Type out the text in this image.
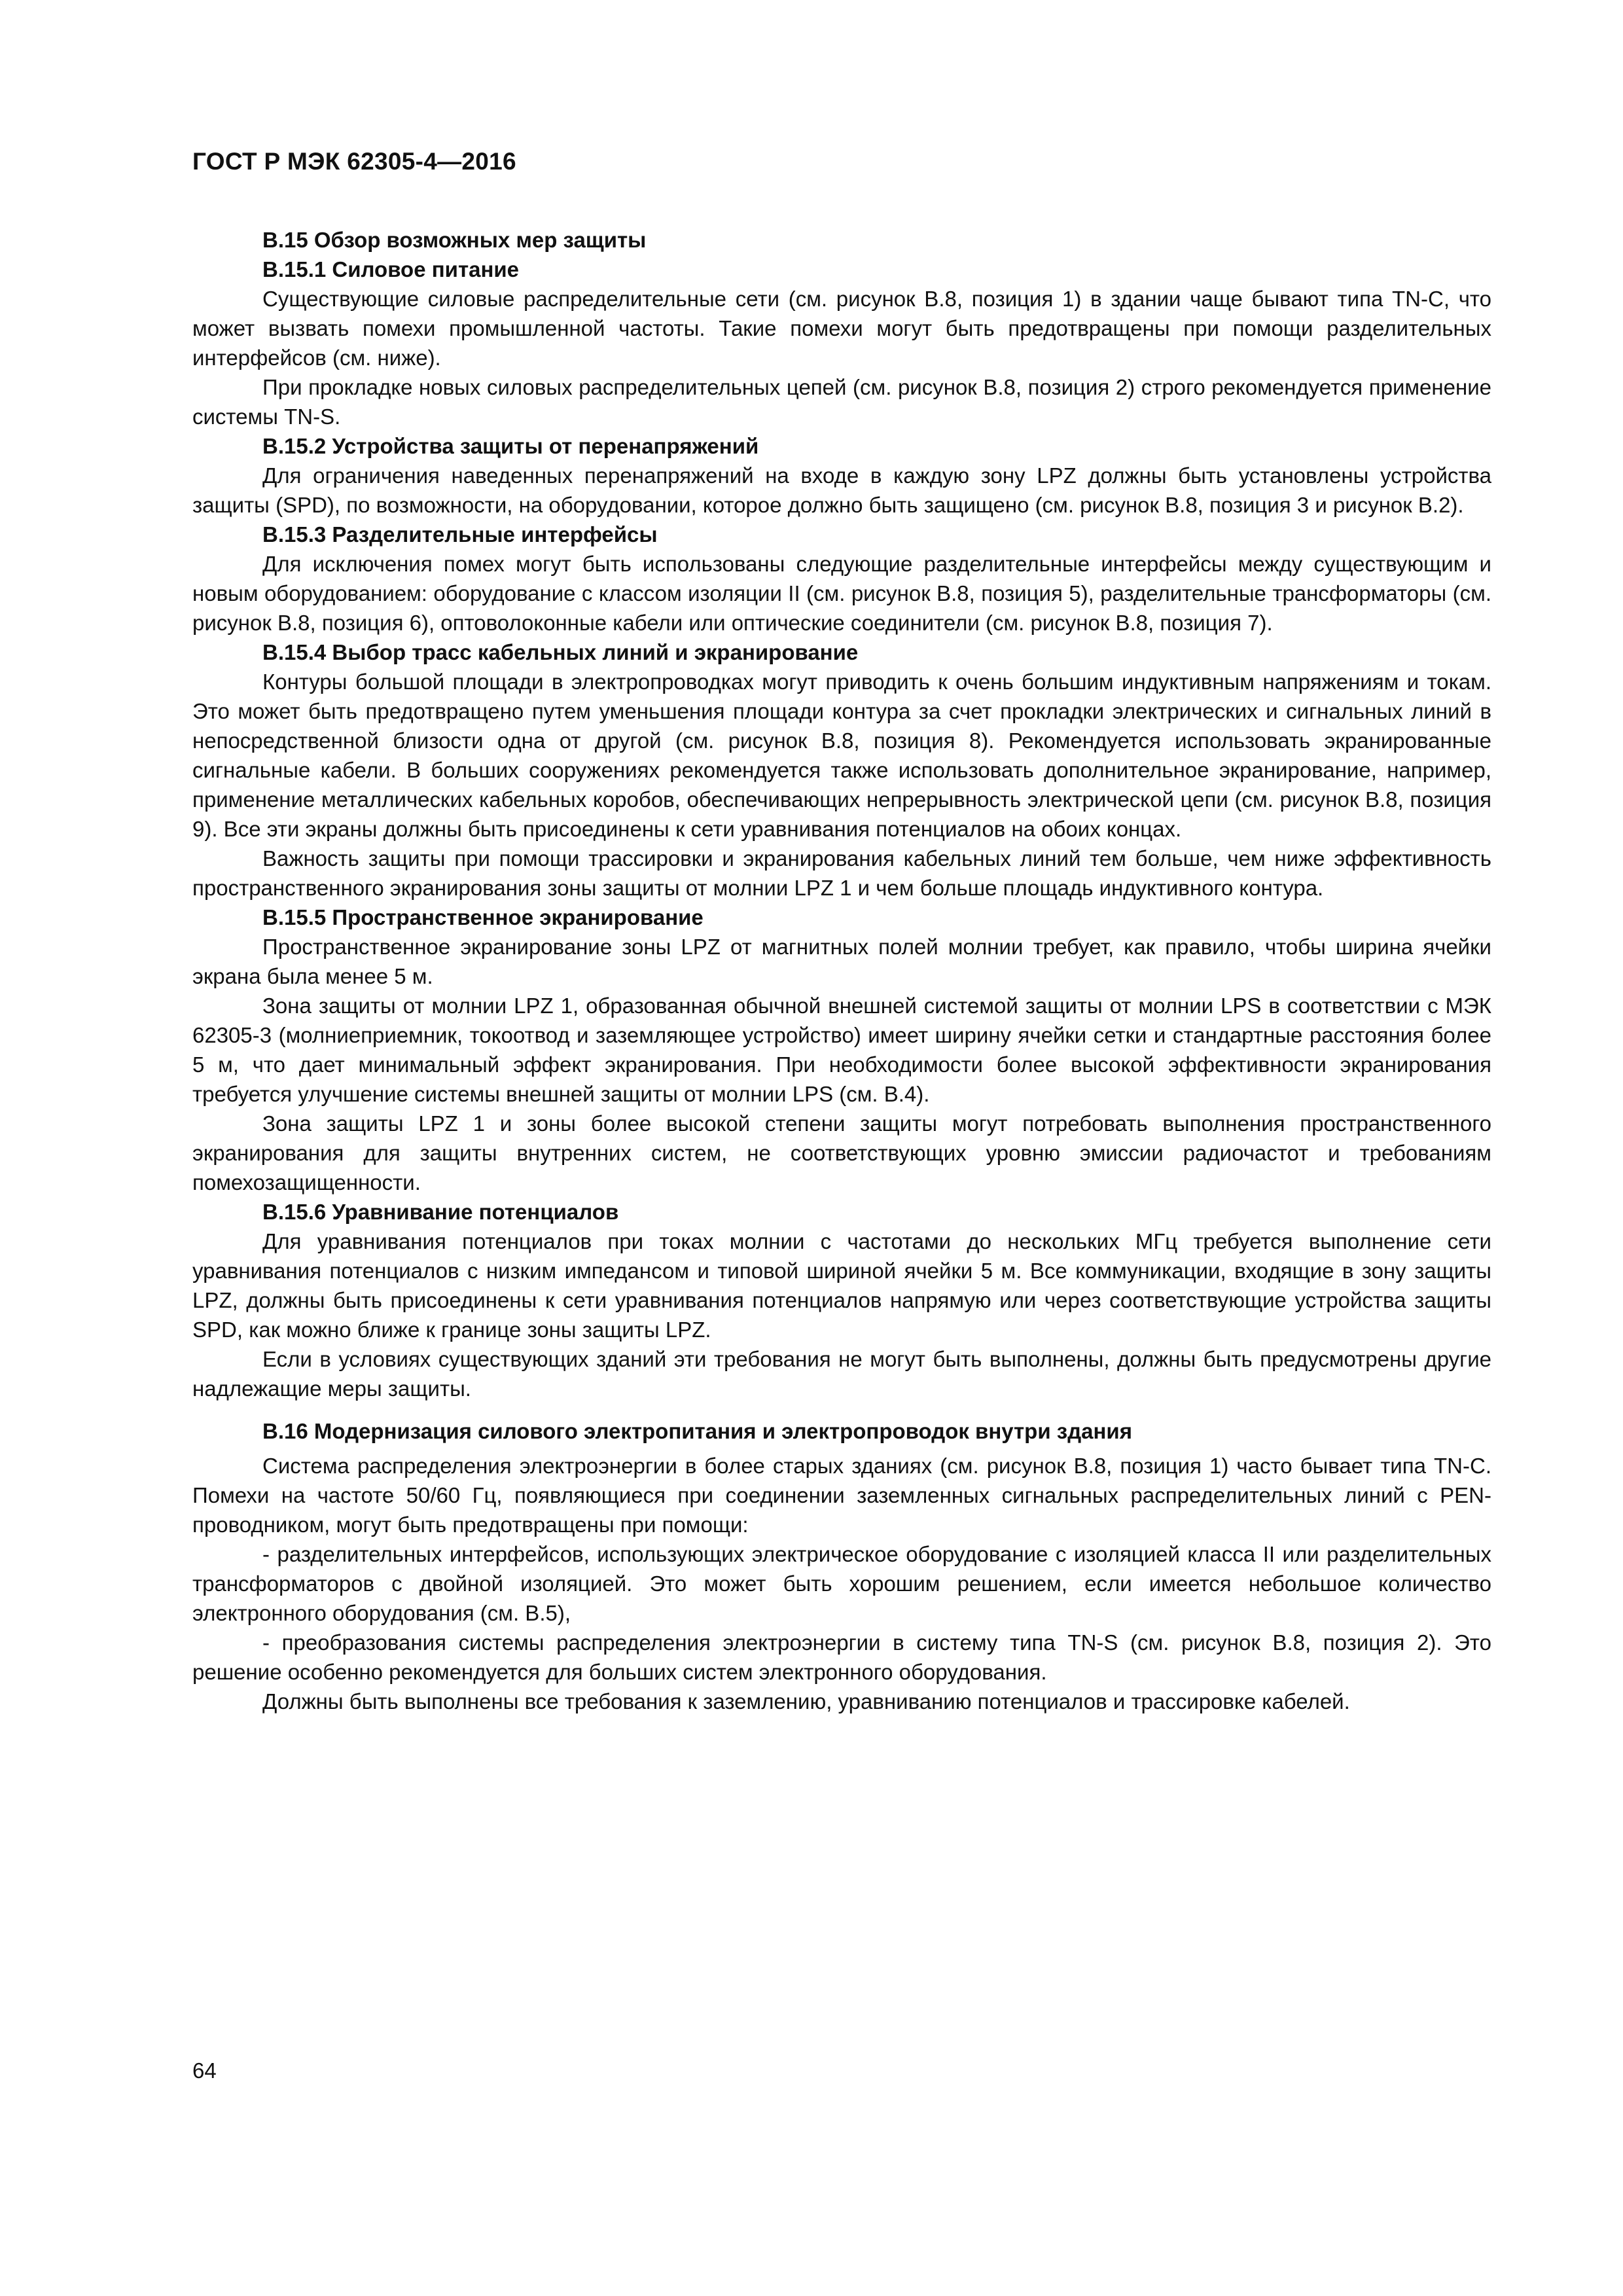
ГОСТ Р МЭК 62305-4—2016
B.15 Обзор возможных мер защиты
B.15.1 Силовое питание

Существующие силовые распределительные сети (см. рисунок B.8, позиция 1) в здании чаще бывают типа TN-C, что может вызвать помехи промышленной частоты. Такие помехи могут быть предотвращены при помощи разделительных интерфейсов (см. ниже).

При прокладке новых силовых распределительных цепей (см. рисунок B.8, позиция 2) строго рекомендуется применение системы TN-S.

B.15.2 Устройства защиты от перенапряжений

Для ограничения наведенных перенапряжений на входе в каждую зону LPZ должны быть установлены устройства защиты (SPD), по возможности, на оборудовании, которое должно быть защищено (см. рисунок B.8, позиция 3 и рисунок B.2).

B.15.3 Разделительные интерфейсы

Для исключения помех могут быть использованы следующие разделительные интерфейсы между существующим и новым оборудованием: оборудование с классом изоляции II (см. рисунок B.8, позиция 5), разделительные трансформаторы (см. рисунок B.8, позиция 6), оптоволоконные кабели или оптические соединители (см. рисунок B.8, позиция 7).

B.15.4 Выбор трасс кабельных линий и экранирование

Контуры большой площади в электропроводках могут приводить к очень большим индуктивным напряжениям и токам. Это может быть предотвращено путем уменьшения площади контура за счет прокладки электрических и сигнальных линий в непосредственной близости одна от другой (см. рисунок B.8, позиция 8). Рекомендуется использовать экранированные сигнальные кабели. В больших сооружениях рекомендуется также использовать дополнительное экранирование, например, применение металлических кабельных коробов, обеспечивающих непрерывность электрической цепи (см. рисунок B.8, позиция 9). Все эти экраны должны быть присоединены к сети уравнивания потенциалов на обоих концах.

Важность защиты при помощи трассировки и экранирования кабельных линий тем больше, чем ниже эффективность пространственного экранирования зоны защиты от молнии LPZ 1 и чем больше площадь индуктивного контура.

B.15.5 Пространственное экранирование

Пространственное экранирование зоны LPZ от магнитных полей молнии требует, как правило, чтобы ширина ячейки экрана была менее 5 м.

Зона защиты от молнии LPZ 1, образованная обычной внешней системой защиты от молнии LPS в соответствии с МЭК 62305-3 (молниеприемник, токоотвод и заземляющее устройство) имеет ширину ячейки сетки и стандартные расстояния более 5 м, что дает минимальный эффект экранирования. При необходимости более высокой эффективности экранирования требуется улучшение системы внешней защиты от молнии LPS (см. B.4).

Зона защиты LPZ 1 и зоны более высокой степени защиты могут потребовать выполнения пространственного экранирования для защиты внутренних систем, не соответствующих уровню эмиссии радиочастот и требованиям помехозащищенности.

B.15.6 Уравнивание потенциалов

Для уравнивания потенциалов при токах молнии с частотами до нескольких МГц требуется выполнение сети уравнивания потенциалов с низким импедансом и типовой шириной ячейки 5 м. Все коммуникации, входящие в зону защиты LPZ, должны быть присоединены к сети уравнивания потенциалов напрямую или через соответствующие устройства защиты SPD, как можно ближе к границе зоны защиты LPZ.

Если в условиях существующих зданий эти требования не могут быть выполнены, должны быть предусмотрены другие надлежащие меры защиты.

B.16 Модернизация силового электропитания и электропроводок внутри здания

Система распределения электроэнергии в более старых зданиях (см. рисунок B.8, позиция 1) часто бывает типа TN-C. Помехи на частоте 50/60 Гц, появляющиеся при соединении заземленных сигнальных распределительных линий с PEN-проводником, могут быть предотвращены при помощи:

- разделительных интерфейсов, использующих электрическое оборудование с изоляцией класса II или разделительных трансформаторов с двойной изоляцией. Это может быть хорошим решением, если имеется небольшое количество электронного оборудования (см. B.5),

- преобразования системы распределения электроэнергии в систему типа TN-S (см. рисунок B.8, позиция 2). Это решение особенно рекомендуется для больших систем электронного оборудования.

Должны быть выполнены все требования к заземлению, уравниванию потенциалов и трассировке кабелей.

64
